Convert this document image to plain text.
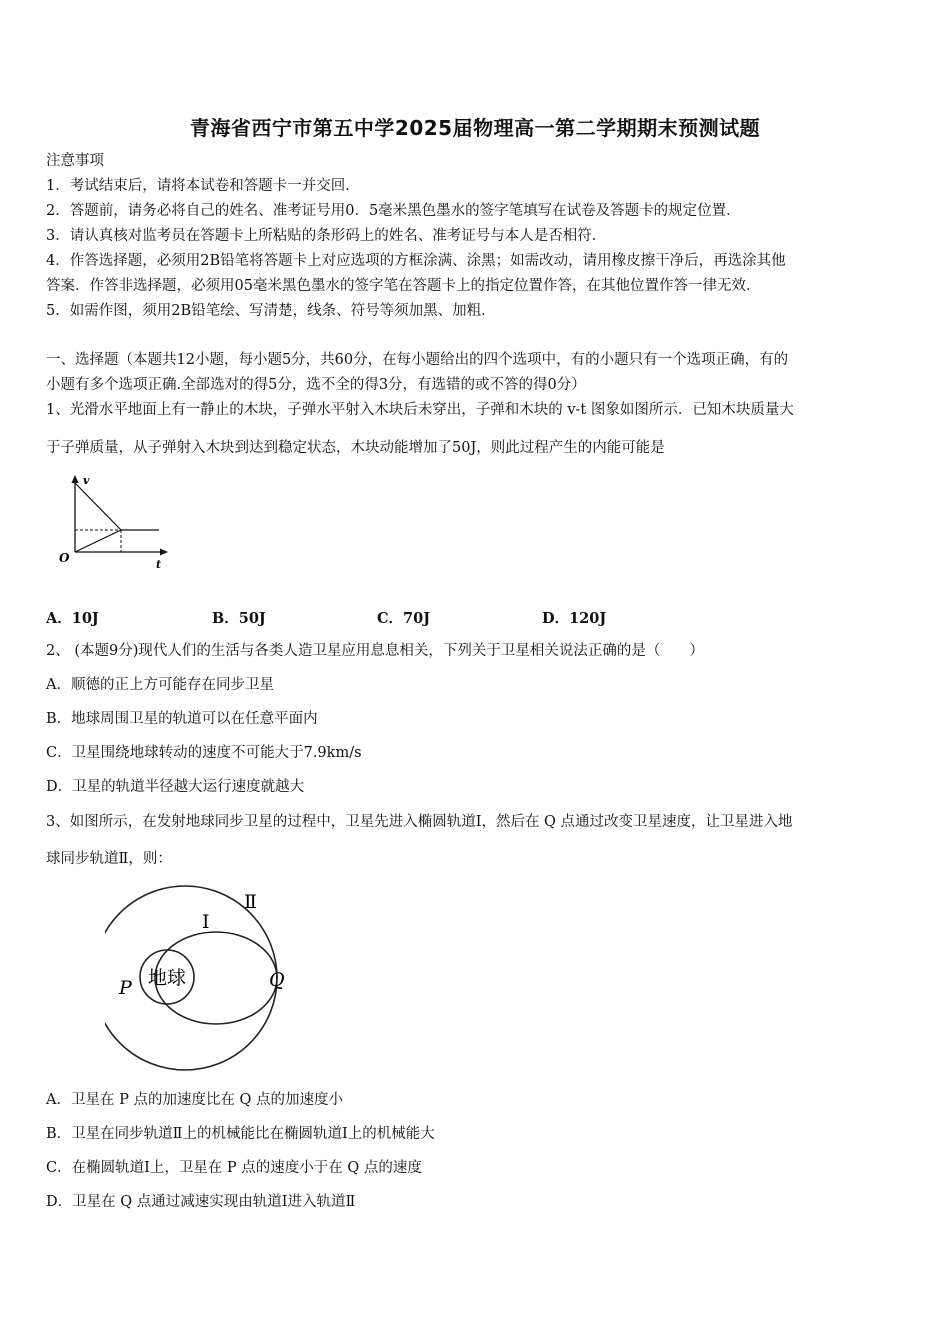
青海省西宁市第五中学2025届物理高一第二学期期末预测试题
注意事项
1．考试结束后，请将本试卷和答题卡一并交回．
2．答题前，请务必将自己的姓名、准考证号用0．5毫米黑色墨水的签字笔填写在试卷及答题卡的规定位置．
3．请认真核对监考员在答题卡上所粘贴的条形码上的姓名、准考证号与本人是否相符．
4．作答选择题，必须用2B铅笔将答题卡上对应选项的方框涂满、涂黑；如需改动，请用橡皮擦干净后，再选涂其他
答案．作答非选择题，必须用05毫米黑色墨水的签字笔在答题卡上的指定位置作答，在其他位置作答一律无效．
5．如需作图，须用2B铅笔绘、写清楚，线条、符号等须加黑、加粗．
一、选择题（本题共12小题，每小题5分，共60分，在每小题给出的四个选项中，有的小题只有一个选项正确，有的
小题有多个选项正确.全部选对的得5分，选不全的得3分，有选错的或不答的得0分）
1、光滑水平地面上有一静止的木块，子弹水平射入木块后未穿出，子弹和木块的 v-t 图象如图所示．已知木块质量大
于子弹质量，从子弹射入木块到达到稳定状态，木块动能增加了50J，则此过程产生的内能可能是
v
t
O
A．10J	B．50J	C．70J	D．120J
2、 (本题9分)现代人们的生活与各类人造卫星应用息息相关，下列关于卫星相关说法正确的是（　　）
A．顺德的正上方可能存在同步卫星
B．地球周围卫星的轨道可以在任意平面内
C．卫星围绕地球转动的速度不可能大于7.9km/s
D．卫星的轨道半径越大运行速度就越大
3、如图所示，在发射地球同步卫星的过程中，卫星先进入椭圆轨道Ⅰ，然后在 Q 点通过改变卫星速度，让卫星进入地
球同步轨道Ⅱ，则：
地球
Ⅰ
Ⅱ
P	Q
A．卫星在 P 点的加速度比在 Q 点的加速度小
B．卫星在同步轨道Ⅱ上的机械能比在椭圆轨道Ⅰ上的机械能大
C．在椭圆轨道Ⅰ上，卫星在 P 点的速度小于在 Q 点的速度
D．卫星在 Q 点通过减速实现由轨道Ⅰ进入轨道Ⅱ
